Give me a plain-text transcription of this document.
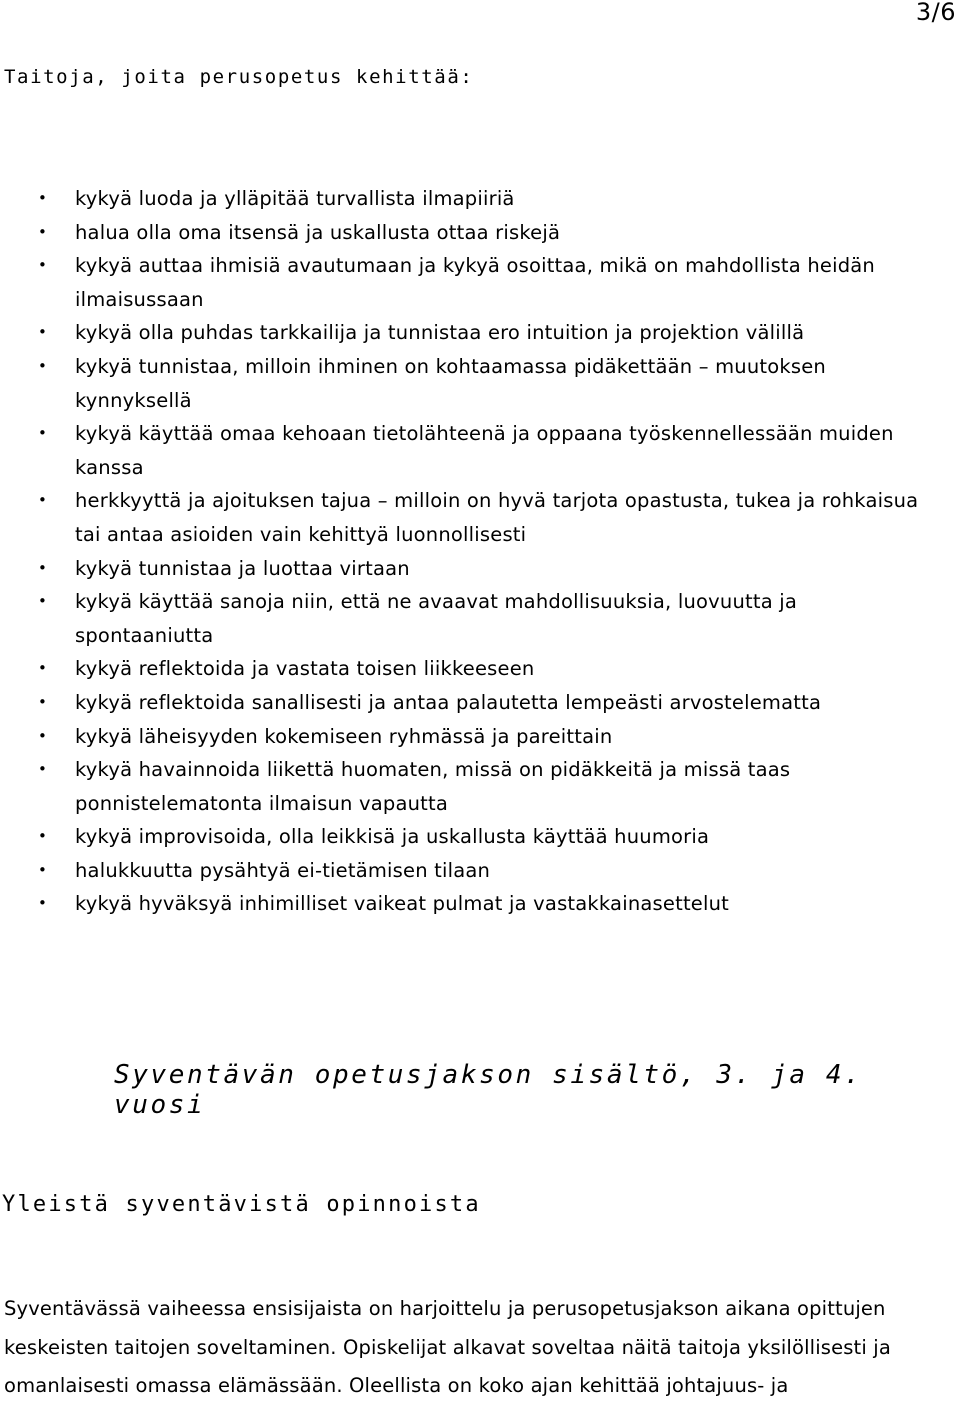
3/6
Taitoja, joita perusopetus kehittää:
• kykyä luoda ja ylläpitää turvallista ilmapiiriä
• halua olla oma itsensä ja uskallusta ottaa riskejä
• kykyä auttaa ihmisiä avautumaan ja kykyä osoittaa, mikä on mahdollista heidän ilmaisussaan
• kykyä olla puhdas tarkkailija ja tunnistaa ero intuition ja projektion välillä
• kykyä tunnistaa, milloin ihminen on kohtaamassa pidäkettään – muutoksen kynnyksellä
• kykyä käyttää omaa kehoaan tietolähteenä ja oppaana työskennellessään muiden kanssa
• herkkyyttä ja ajoituksen tajua – milloin on hyvä tarjota opastusta, tukea ja rohkaisua tai antaa asioiden vain kehittyä luonnollisesti
• kykyä tunnistaa ja luottaa virtaan
• kykyä käyttää sanoja niin, että ne avaavat mahdollisuuksia, luovuutta ja spontaaniutta
• kykyä reflektoida ja vastata toisen liikkeeseen
• kykyä reflektoida sanallisesti ja antaa palautetta lempeästi arvostelematta
• kykyä läheisyyden kokemiseen ryhmässä ja pareittain
• kykyä havainnoida liikettä huomaten, missä on pidäkkeitä ja missä taas ponnistelematonta ilmaisun vapautta
• kykyä improvisoida, olla leikkisä ja uskallusta käyttää huumoria
• halukkuutta pysähtyä ei-tietämisen tilaan
• kykyä hyväksyä inhimilliset vaikeat pulmat ja vastakkainasettelut
Syventävän opetusjakson sisältö, 3. ja 4. vuosi
Yleistä syventävistä opinnoista

Syventävässä vaiheessa ensisijaista on harjoittelu ja perusopetusjakson aikana opittujen keskeisten taitojen soveltaminen. Opiskelijat alkavat soveltaa näitä taitoja yksilöllisesti ja omanlaisesti omassa elämässään. Oleellista on koko ajan kehittää johtajuus- ja
